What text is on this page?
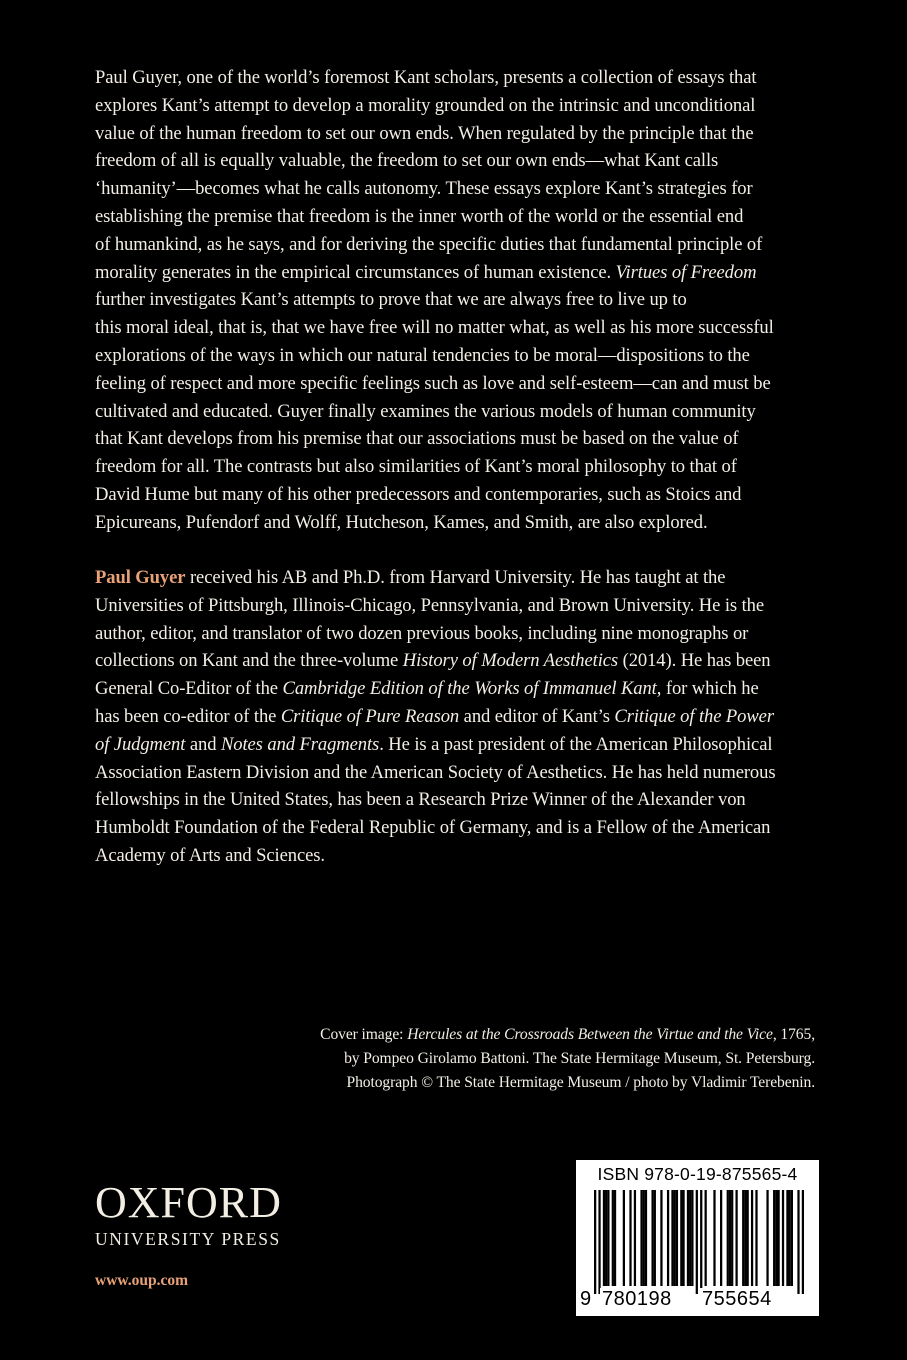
Paul Guyer, one of the world’s foremost Kant scholars, presents a collection of essays that
explores Kant’s attempt to develop a morality grounded on the intrinsic and unconditional
value of the human freedom to set our own ends. When regulated by the principle that the
freedom of all is equally valuable, the freedom to set our own ends—what Kant calls
‘humanity’—becomes what he calls autonomy. These essays explore Kant’s strategies for
establishing the premise that freedom is the inner worth of the world or the essential end
of humankind, as he says, and for deriving the specific duties that fundamental principle of
morality generates in the empirical circumstances of human existence. Virtues of Freedom
further investigates Kant’s attempts to prove that we are always free to live up to
this moral ideal, that is, that we have free will no matter what, as well as his more successful
explorations of the ways in which our natural tendencies to be moral—dispositions to the
feeling of respect and more specific feelings such as love and self-esteem—can and must be
cultivated and educated. Guyer finally examines the various models of human community
that Kant develops from his premise that our associations must be based on the value of
freedom for all. The contrasts but also similarities of Kant’s moral philosophy to that of
David Hume but many of his other predecessors and contemporaries, such as Stoics and
Epicureans, Pufendorf and Wolff, Hutcheson, Kames, and Smith, are also explored.
Paul Guyer received his AB and Ph.D. from Harvard University. He has taught at the
Universities of Pittsburgh, Illinois-Chicago, Pennsylvania, and Brown University. He is the
author, editor, and translator of two dozen previous books, including nine monographs or
collections on Kant and the three-volume History of Modern Aesthetics (2014). He has been
General Co-Editor of the Cambridge Edition of the Works of Immanuel Kant, for which he
has been co-editor of the Critique of Pure Reason and editor of Kant’s Critique of the Power
of Judgment and Notes and Fragments. He is a past president of the American Philosophical
Association Eastern Division and the American Society of Aesthetics. He has held numerous
fellowships in the United States, has been a Research Prize Winner of the Alexander von
Humboldt Foundation of the Federal Republic of Germany, and is a Fellow of the American
Academy of Arts and Sciences.
Cover image: Hercules at the Crossroads Between the Virtue and the Vice, 1765,
by Pompeo Girolamo Battoni. The State Hermitage Museum, St. Petersburg.
Photograph © The State Hermitage Museum / photo by Vladimir Terebenin.
OXFORD
UNIVERSITY PRESS
www.oup.com
ISBN 978-0-19-875565-4
9 780198 755654
